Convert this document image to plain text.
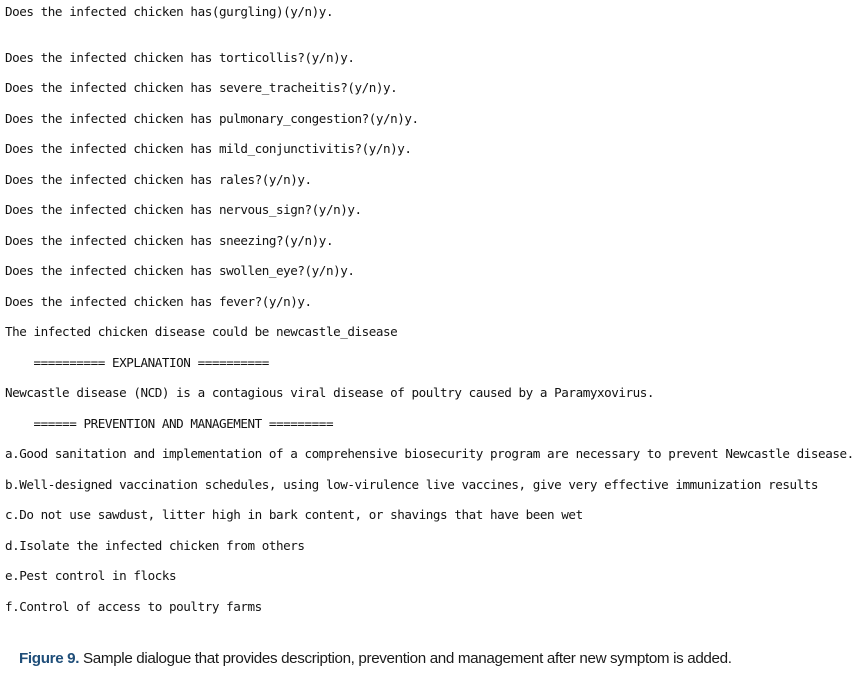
Does the infected chicken has(gurgling)(y/n)y.
Does the infected chicken has torticollis?(y/n)y.
Does the infected chicken has severe_tracheitis?(y/n)y.
Does the infected chicken has pulmonary_congestion?(y/n)y.
Does the infected chicken has mild_conjunctivitis?(y/n)y.
Does the infected chicken has rales?(y/n)y.
Does the infected chicken has nervous_sign?(y/n)y.
Does the infected chicken has sneezing?(y/n)y.
Does the infected chicken has swollen_eye?(y/n)y.
Does the infected chicken has fever?(y/n)y.
The infected chicken disease could be newcastle_disease
========== EXPLANATION ==========
Newcastle disease (NCD) is a contagious viral disease of poultry caused by a Paramyxovirus.
====== PREVENTION AND MANAGEMENT =========
a.Good sanitation and implementation of a comprehensive biosecurity program are necessary to prevent Newcastle disease.
b.Well-designed vaccination schedules, using low-virulence live vaccines, give very effective immunization results
c.Do not use sawdust, litter high in bark content, or shavings that have been wet
d.Isolate the infected chicken from others
e.Pest control in flocks
f.Control of access to poultry farms
Figure 9. Sample dialogue that provides description, prevention and management after new symptom is added.
